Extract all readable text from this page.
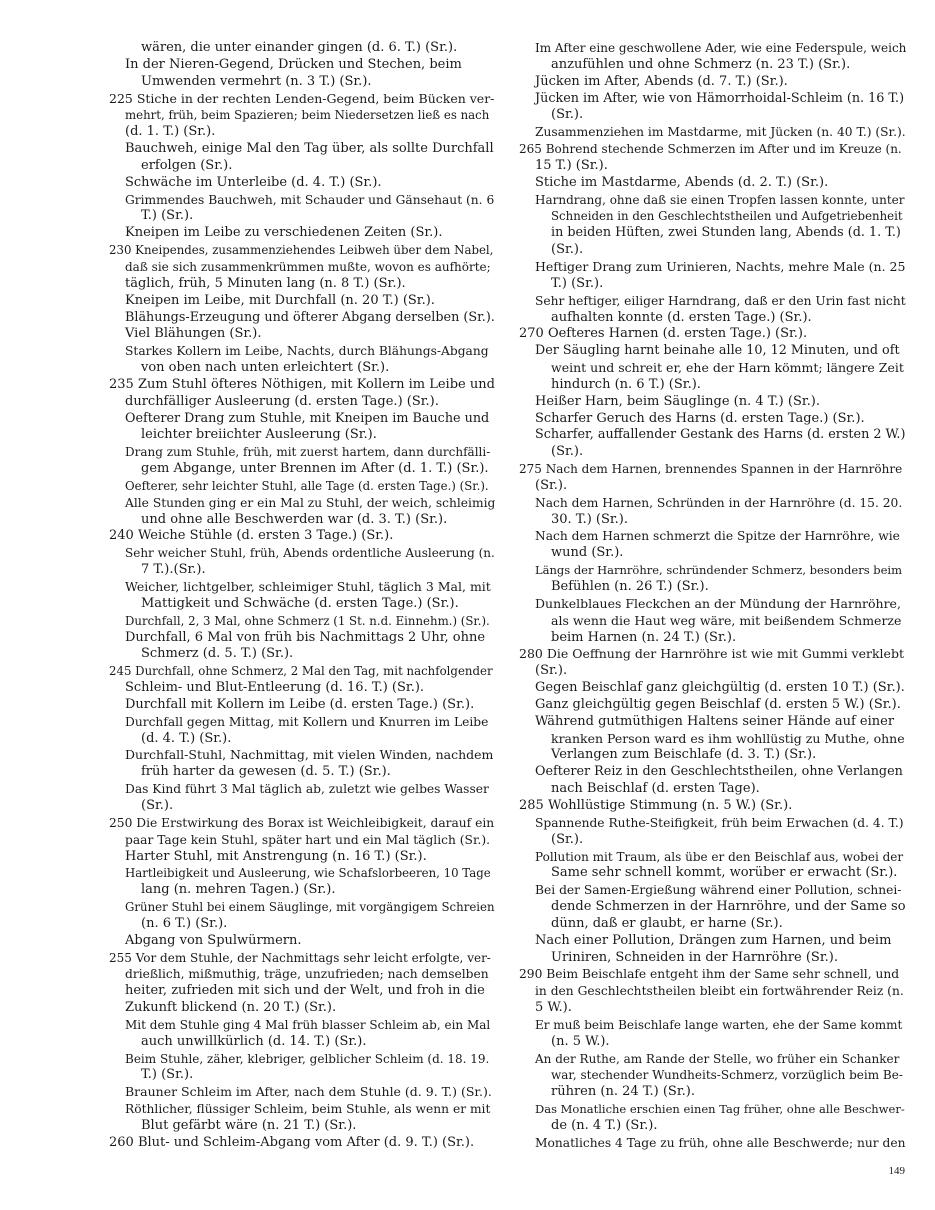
wären, die unter einander gingen (d. 6. T.) (Sr.).
In der Nieren-Gegend, Drücken und Stechen, beim
Umwenden vermehrt (n. 3 T.) (Sr.).
225 Stiche in der rechten Lenden-Gegend, beim Bücken ver-
mehrt, früh, beim Spazieren; beim Niedersetzen ließ es nach
(d. 1. T.) (Sr.).
Bauchweh, einige Mal den Tag über, als sollte Durchfall
erfolgen (Sr.).
Schwäche im Unterleibe (d. 4. T.) (Sr.).
Grimmendes Bauchweh, mit Schauder und Gänsehaut (n. 6
T.) (Sr.).
Kneipen im Leibe zu verschiedenen Zeiten (Sr.).
230 Kneipendes, zusammenziehendes Leibweh über dem Nabel,
daß sie sich zusammenkrümmen mußte, wovon es aufhörte;
täglich, früh, 5 Minuten lang (n. 8 T.) (Sr.).
Kneipen im Leibe, mit Durchfall (n. 20 T.) (Sr.).
Blähungs-Erzeugung und öfterer Abgang derselben (Sr.).
Viel Blähungen (Sr.).
Starkes Kollern im Leibe, Nachts, durch Blähungs-Abgang
von oben nach unten erleichtert (Sr.).
235 Zum Stuhl öfteres Nöthigen, mit Kollern im Leibe und
durchfälliger Ausleerung (d. ersten Tage.) (Sr.).
Oefterer Drang zum Stuhle, mit Kneipen im Bauche und
leichter breiichter Ausleerung (Sr.).
Drang zum Stuhle, früh, mit zuerst hartem, dann durchfälli-
gem Abgange, unter Brennen im After (d. 1. T.) (Sr.).
Oefterer, sehr leichter Stuhl, alle Tage (d. ersten Tage.) (Sr.).
Alle Stunden ging er ein Mal zu Stuhl, der weich, schleimig
und ohne alle Beschwerden war (d. 3. T.) (Sr.).
240 Weiche Stühle (d. ersten 3 Tage.) (Sr.).
Sehr weicher Stuhl, früh, Abends ordentliche Ausleerung (n.
7 T.).(Sr.).
Weicher, lichtgelber, schleimiger Stuhl, täglich 3 Mal, mit
Mattigkeit und Schwäche (d. ersten Tage.) (Sr.).
Durchfall, 2, 3 Mal, ohne Schmerz (1 St. n.d. Einnehm.) (Sr.).
Durchfall, 6 Mal von früh bis Nachmittags 2 Uhr, ohne
Schmerz (d. 5. T.) (Sr.).
245 Durchfall, ohne Schmerz, 2 Mal den Tag, mit nachfolgender
Schleim- und Blut-Entleerung (d. 16. T.) (Sr.).
Durchfall mit Kollern im Leibe (d. ersten Tage.) (Sr.).
Durchfall gegen Mittag, mit Kollern und Knurren im Leibe
(d. 4. T.) (Sr.).
Durchfall-Stuhl, Nachmittag, mit vielen Winden, nachdem
früh harter da gewesen (d. 5. T.) (Sr.).
Das Kind führt 3 Mal täglich ab, zuletzt wie gelbes Wasser
(Sr.).
250 Die Erstwirkung des Borax ist Weichleibigkeit, darauf ein
paar Tage kein Stuhl, später hart und ein Mal täglich (Sr.).
Harter Stuhl, mit Anstrengung (n. 16 T.) (Sr.).
Hartleibigkeit und Ausleerung, wie Schafslorbeeren, 10 Tage
lang (n. mehren Tagen.) (Sr.).
Grüner Stuhl bei einem Säuglinge, mit vorgängigem Schreien
(n. 6 T.) (Sr.).
Abgang von Spulwürmern.
255 Vor dem Stuhle, der Nachmittags sehr leicht erfolgte, ver-
drießlich, mißmuthig, träge, unzufrieden; nach demselben
heiter, zufrieden mit sich und der Welt, und froh in die
Zukunft blickend (n. 20 T.) (Sr.).
Mit dem Stuhle ging 4 Mal früh blasser Schleim ab, ein Mal
auch unwillkürlich (d. 14. T.) (Sr.).
Beim Stuhle, zäher, klebriger, gelblicher Schleim (d. 18. 19.
T.) (Sr.).
Brauner Schleim im After, nach dem Stuhle (d. 9. T.) (Sr.).
Röthlicher, flüssiger Schleim, beim Stuhle, als wenn er mit
Blut gefärbt wäre (n. 21 T.) (Sr.).
260 Blut- und Schleim-Abgang vom After (d. 9. T.) (Sr.).
Im After eine geschwollene Ader, wie eine Federspule, weich
anzufühlen und ohne Schmerz (n. 23 T.) (Sr.).
Jücken im After, Abends (d. 7. T.) (Sr.).
Jücken im After, wie von Hämorrhoidal-Schleim (n. 16 T.)
(Sr.).
Zusammenziehen im Mastdarme, mit Jücken (n. 40 T.) (Sr.).
265 Bohrend stechende Schmerzen im After und im Kreuze (n.
15 T.) (Sr.).
Stiche im Mastdarme, Abends (d. 2. T.) (Sr.).
Harndrang, ohne daß sie einen Tropfen lassen konnte, unter
Schneiden in den Geschlechtstheilen und Aufgetriebenheit
in beiden Hüften, zwei Stunden lang, Abends (d. 1. T.)
(Sr.).
Heftiger Drang zum Urinieren, Nachts, mehre Male (n. 25
T.) (Sr.).
Sehr heftiger, eiliger Harndrang, daß er den Urin fast nicht
aufhalten konnte (d. ersten Tage.) (Sr.).
270 Oefteres Harnen (d. ersten Tage.) (Sr.).
Der Säugling harnt beinahe alle 10, 12 Minuten, und oft
weint und schreit er, ehe der Harn kömmt; längere Zeit
hindurch (n. 6 T.) (Sr.).
Heißer Harn, beim Säuglinge (n. 4 T.) (Sr.).
Scharfer Geruch des Harns (d. ersten Tage.) (Sr.).
Scharfer, auffallender Gestank des Harns (d. ersten 2 W.)
(Sr.).
275 Nach dem Harnen, brennendes Spannen in der Harnröhre
(Sr.).
Nach dem Harnen, Schründen in der Harnröhre (d. 15. 20.
30. T.) (Sr.).
Nach dem Harnen schmerzt die Spitze der Harnröhre, wie
wund (Sr.).
Längs der Harnröhre, schründender Schmerz, besonders beim
Befühlen (n. 26 T.) (Sr.).
Dunkelblaues Fleckchen an der Mündung der Harnröhre,
als wenn die Haut weg wäre, mit beißendem Schmerze
beim Harnen (n. 24 T.) (Sr.).
280 Die Oeffnung der Harnröhre ist wie mit Gummi verklebt
(Sr.).
Gegen Beischlaf ganz gleichgültig (d. ersten 10 T.) (Sr.).
Ganz gleichgültig gegen Beischlaf (d. ersten 5 W.) (Sr.).
Während gutmüthigen Haltens seiner Hände auf einer
kranken Person ward es ihm wohllüstig zu Muthe, ohne
Verlangen zum Beischlafe (d. 3. T.) (Sr.).
Oefterer Reiz in den Geschlechtstheilen, ohne Verlangen
nach Beischlaf (d. ersten Tage).
285 Wohllüstige Stimmung (n. 5 W.) (Sr.).
Spannende Ruthe-Steifigkeit, früh beim Erwachen (d. 4. T.)
(Sr.).
Pollution mit Traum, als übe er den Beischlaf aus, wobei der
Same sehr schnell kommt, worüber er erwacht (Sr.).
Bei der Samen-Ergießung während einer Pollution, schnei-
dende Schmerzen in der Harnröhre, und der Same so
dünn, daß er glaubt, er harne (Sr.).
Nach einer Pollution, Drängen zum Harnen, und beim
Uriniren, Schneiden in der Harnröhre (Sr.).
290 Beim Beischlafe entgeht ihm der Same sehr schnell, und
in den Geschlechtstheilen bleibt ein fortwährender Reiz (n.
5 W.).
Er muß beim Beischlafe lange warten, ehe der Same kommt
(n. 5 W.).
An der Ruthe, am Rande der Stelle, wo früher ein Schanker
war, stechender Wundheits-Schmerz, vorzüglich beim Be-
rühren (n. 24 T.) (Sr.).
Das Monatliche erschien einen Tag früher, ohne alle Beschwer-
de (n. 4 T.) (Sr.).
Monatliches 4 Tage zu früh, ohne alle Beschwerde; nur den
149
